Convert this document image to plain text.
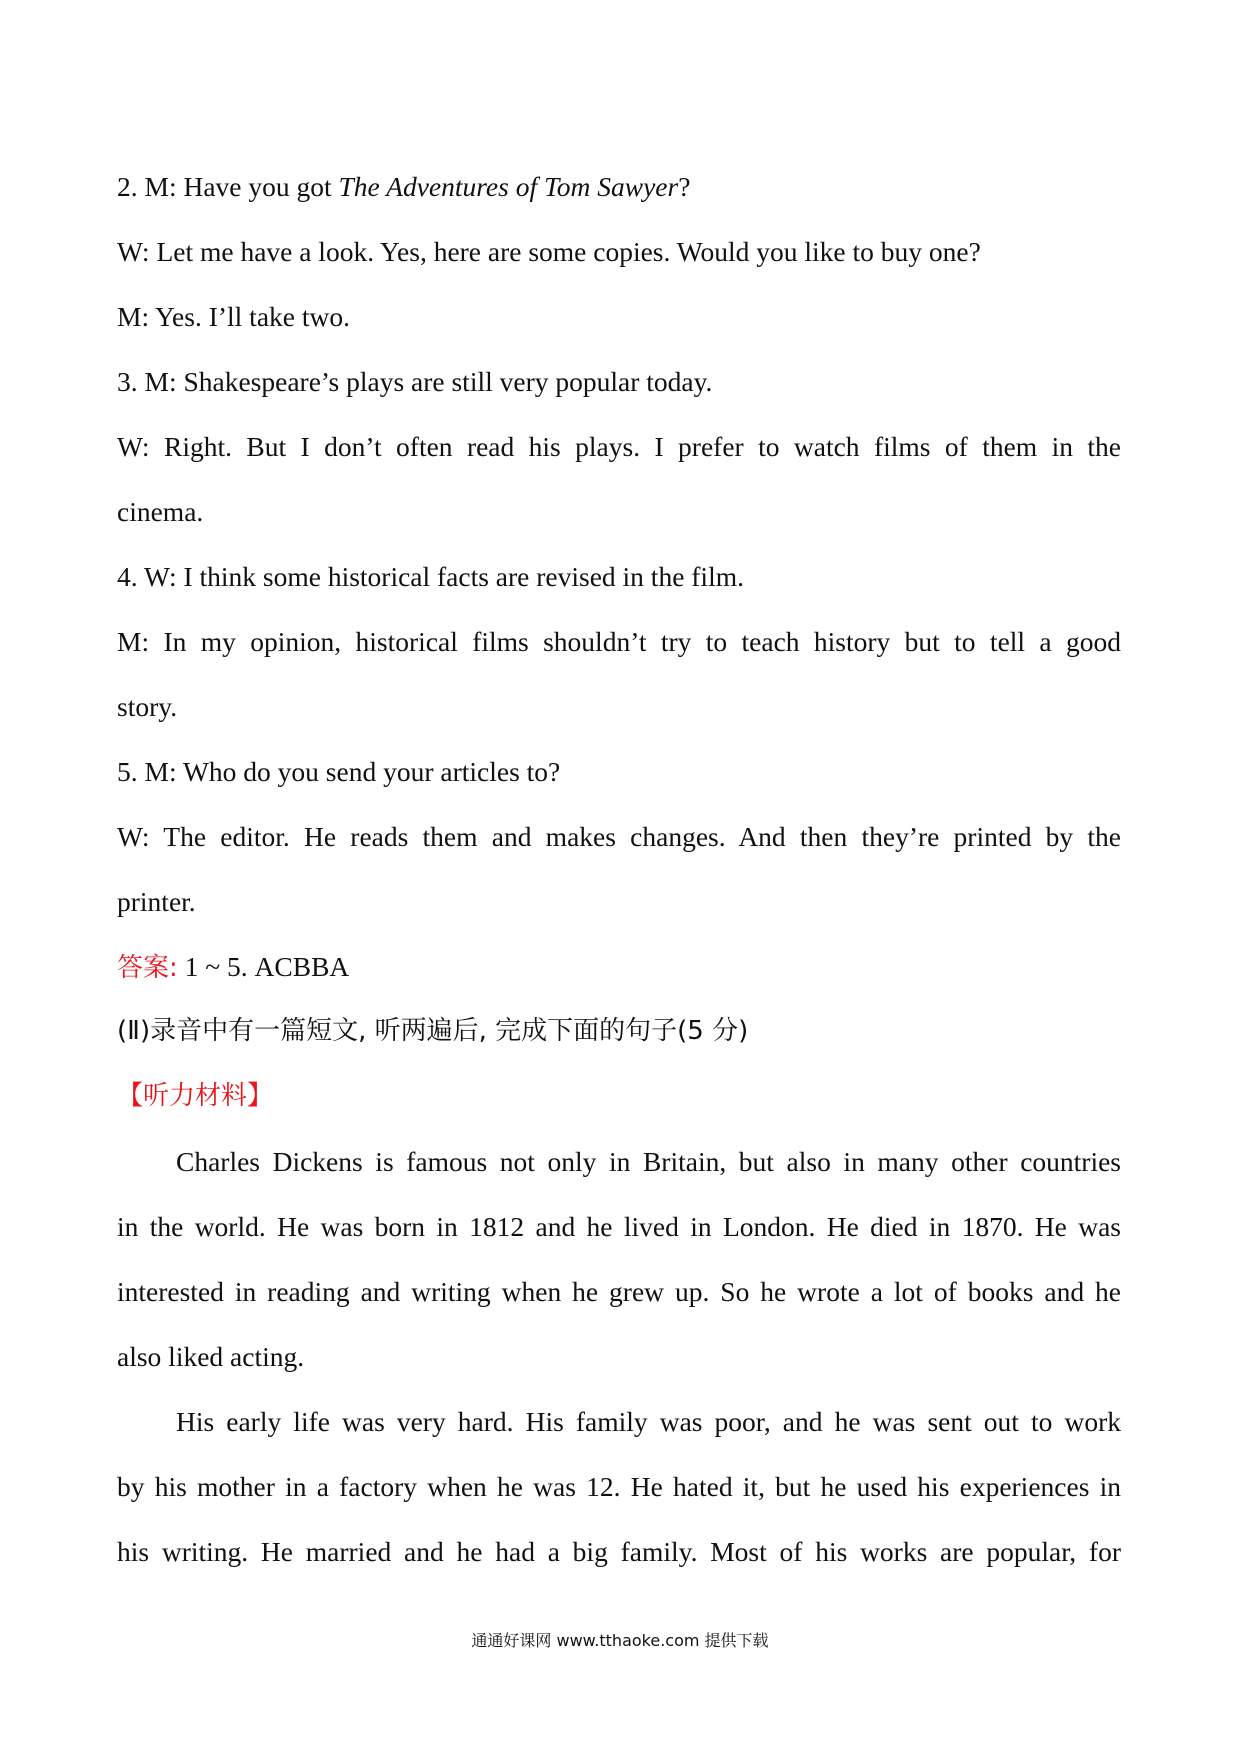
2. M: Have you got The Adventures of Tom Sawyer?
W: Let me have a look. Yes, here are some copies. Would you like to buy one?
M: Yes. I’ll take two.
3. M: Shakespeare’s plays are still very popular today.
W: Right. But I don’t often read his plays. I prefer to watch films of them in the
cinema.
4. W: I think some historical facts are revised in the film.
M: In my opinion, historical films shouldn’t try to teach history but to tell a good
story.
5. M: Who do you send your articles to?
W: The editor. He reads them and makes changes. And then they’re printed by the
printer.
答案: 1 ~ 5. ACBBA
(Ⅱ)录音中有一篇短文, 听两遍后, 完成下面的句子(5 分)
【听力材料】
Charles Dickens is famous not only in Britain, but also in many other countries
in the world. He was born in 1812 and he lived in London. He died in 1870. He was
interested in reading and writing when he grew up. So he wrote a lot of books and he
also liked acting.
His early life was very hard. His family was poor, and he was sent out to work
by his mother in a factory when he was 12. He hated it, but he used his experiences in
his writing. He married and he had a big family. Most of his works are popular, for
通通好课网 www.tthaoke.com 提供下载
